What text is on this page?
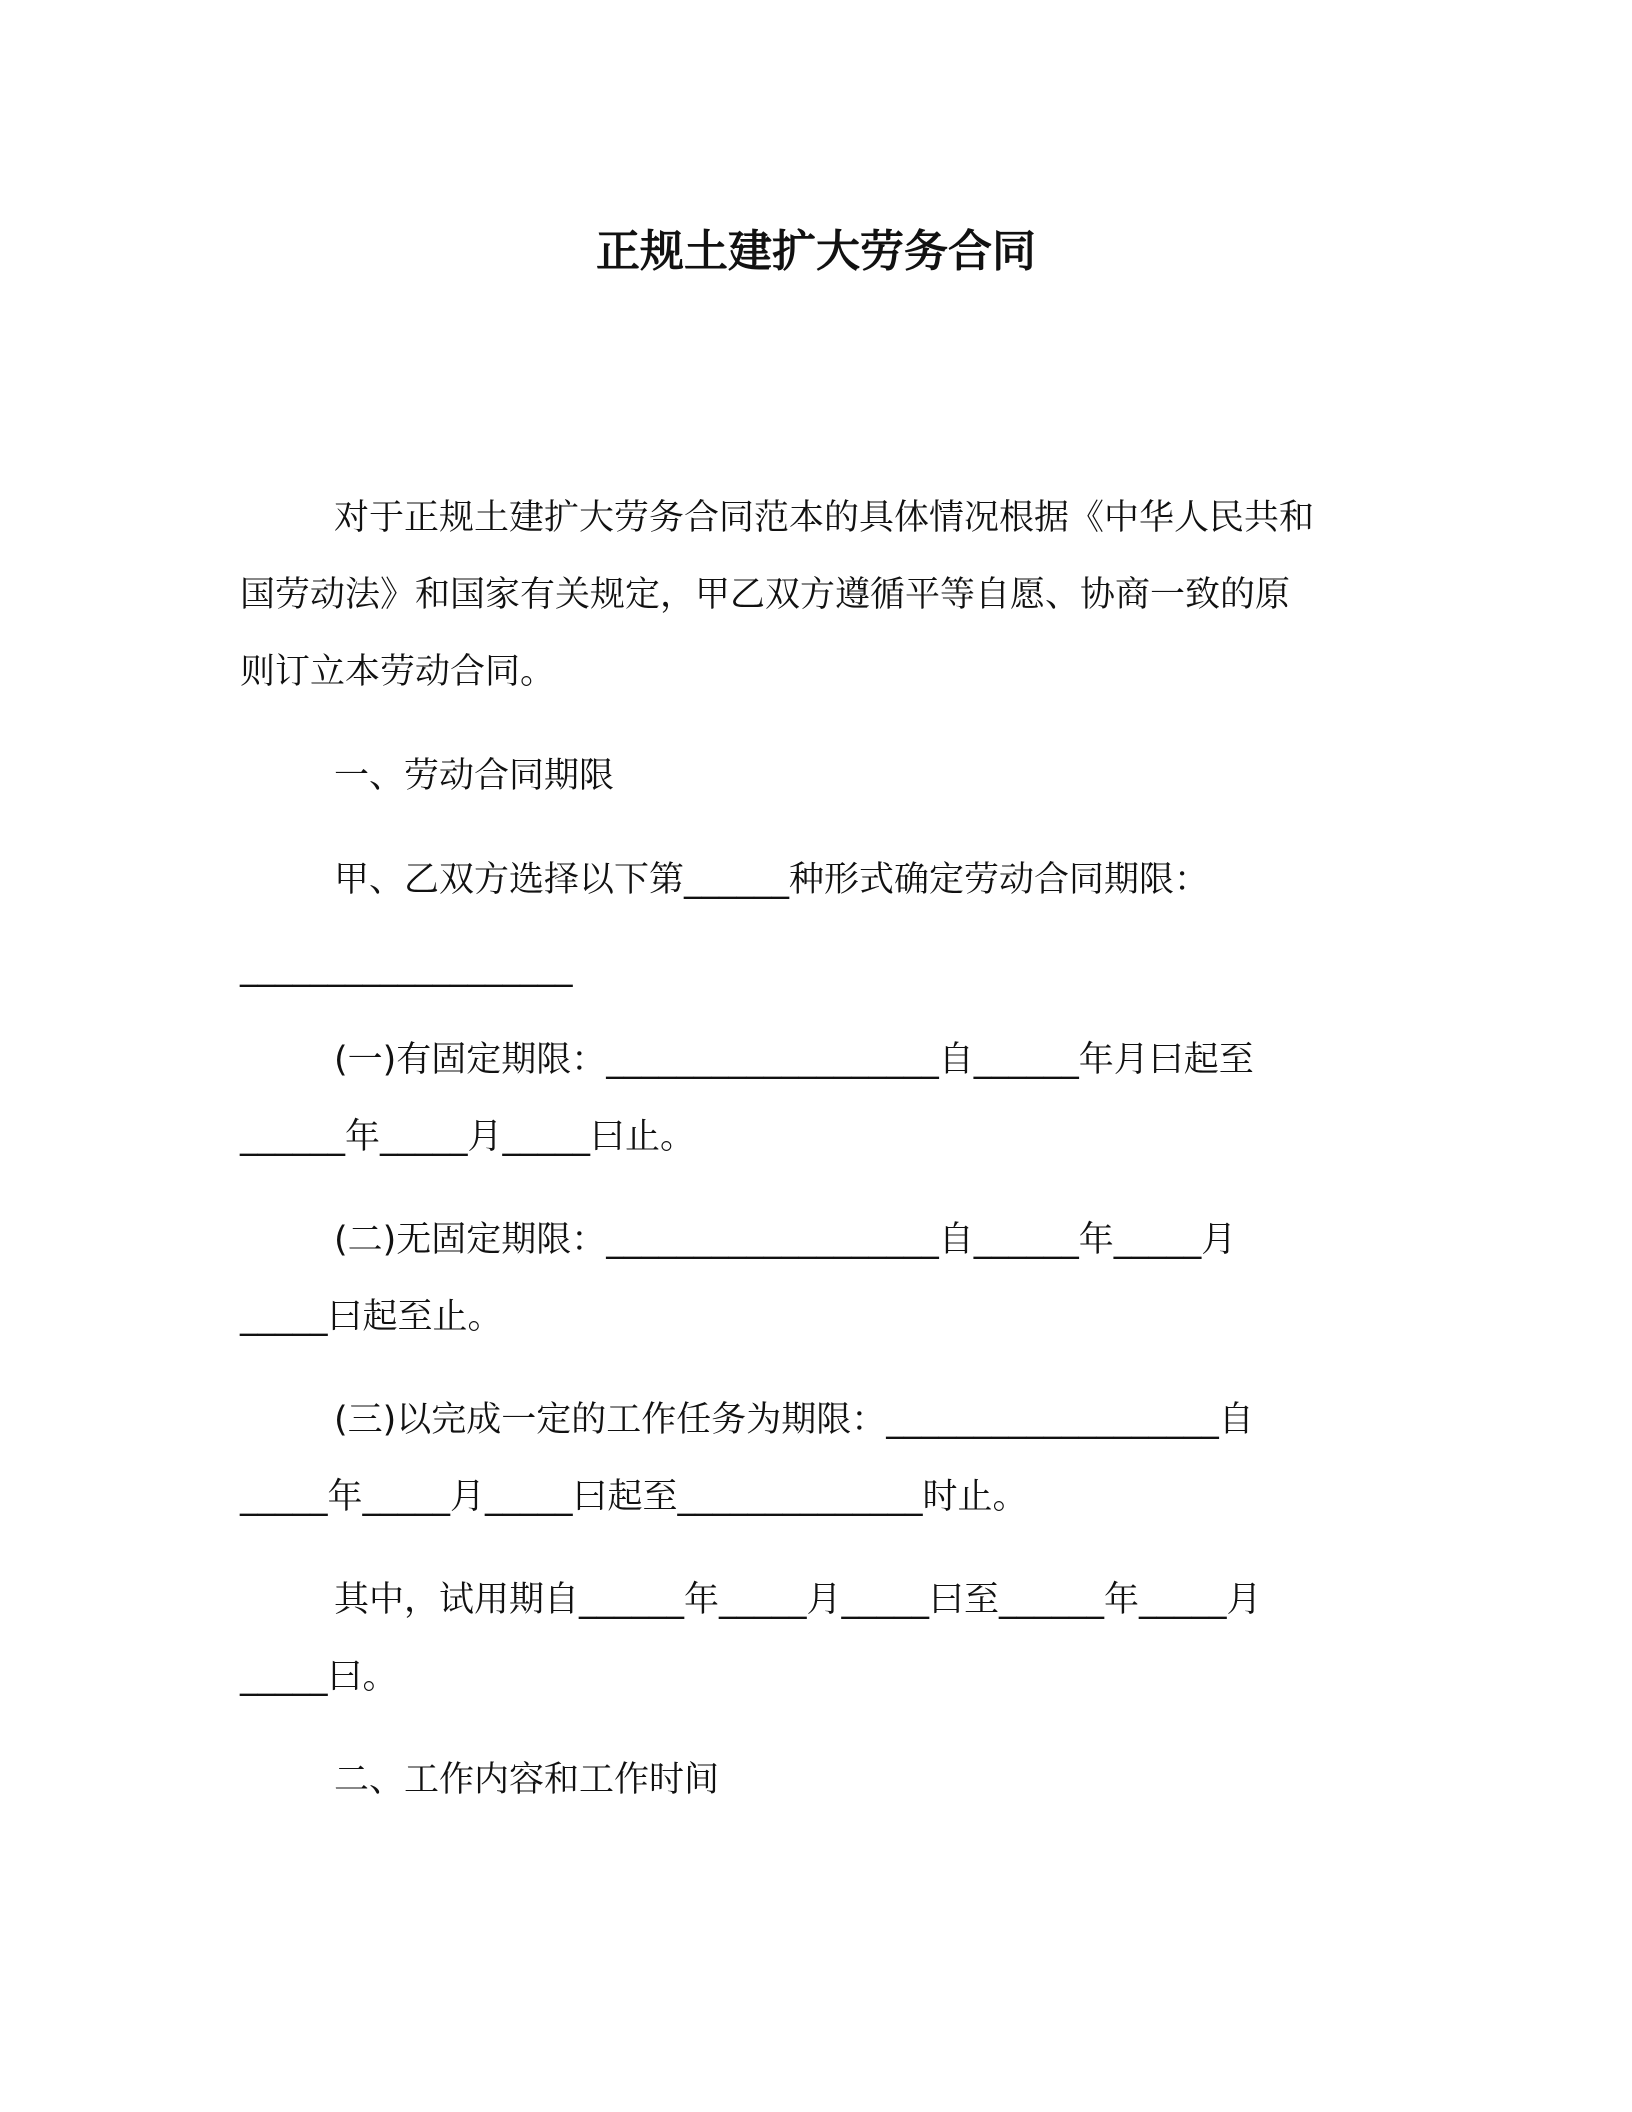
正规土建扩大劳务合同
对于正规土建扩大劳务合同范本的具体情况根据《中华人民共和
国劳动法》和国家有关规定，甲乙双方遵循平等自愿、协商一致的原
则订立本劳动合同。
一、劳动合同期限
甲、乙双方选择以下第______种形式确定劳动合同期限：
___________________
(一)有固定期限：___________________自______年月曰起至
______年_____月_____曰止。
(二)无固定期限：___________________自______年_____月
_____曰起至止。
(三)以完成一定的工作任务为期限：___________________自
_____年_____月_____曰起至______________时止。
其中，试用期自______年_____月_____曰至______年_____月
_____曰。
二、工作内容和工作时间
